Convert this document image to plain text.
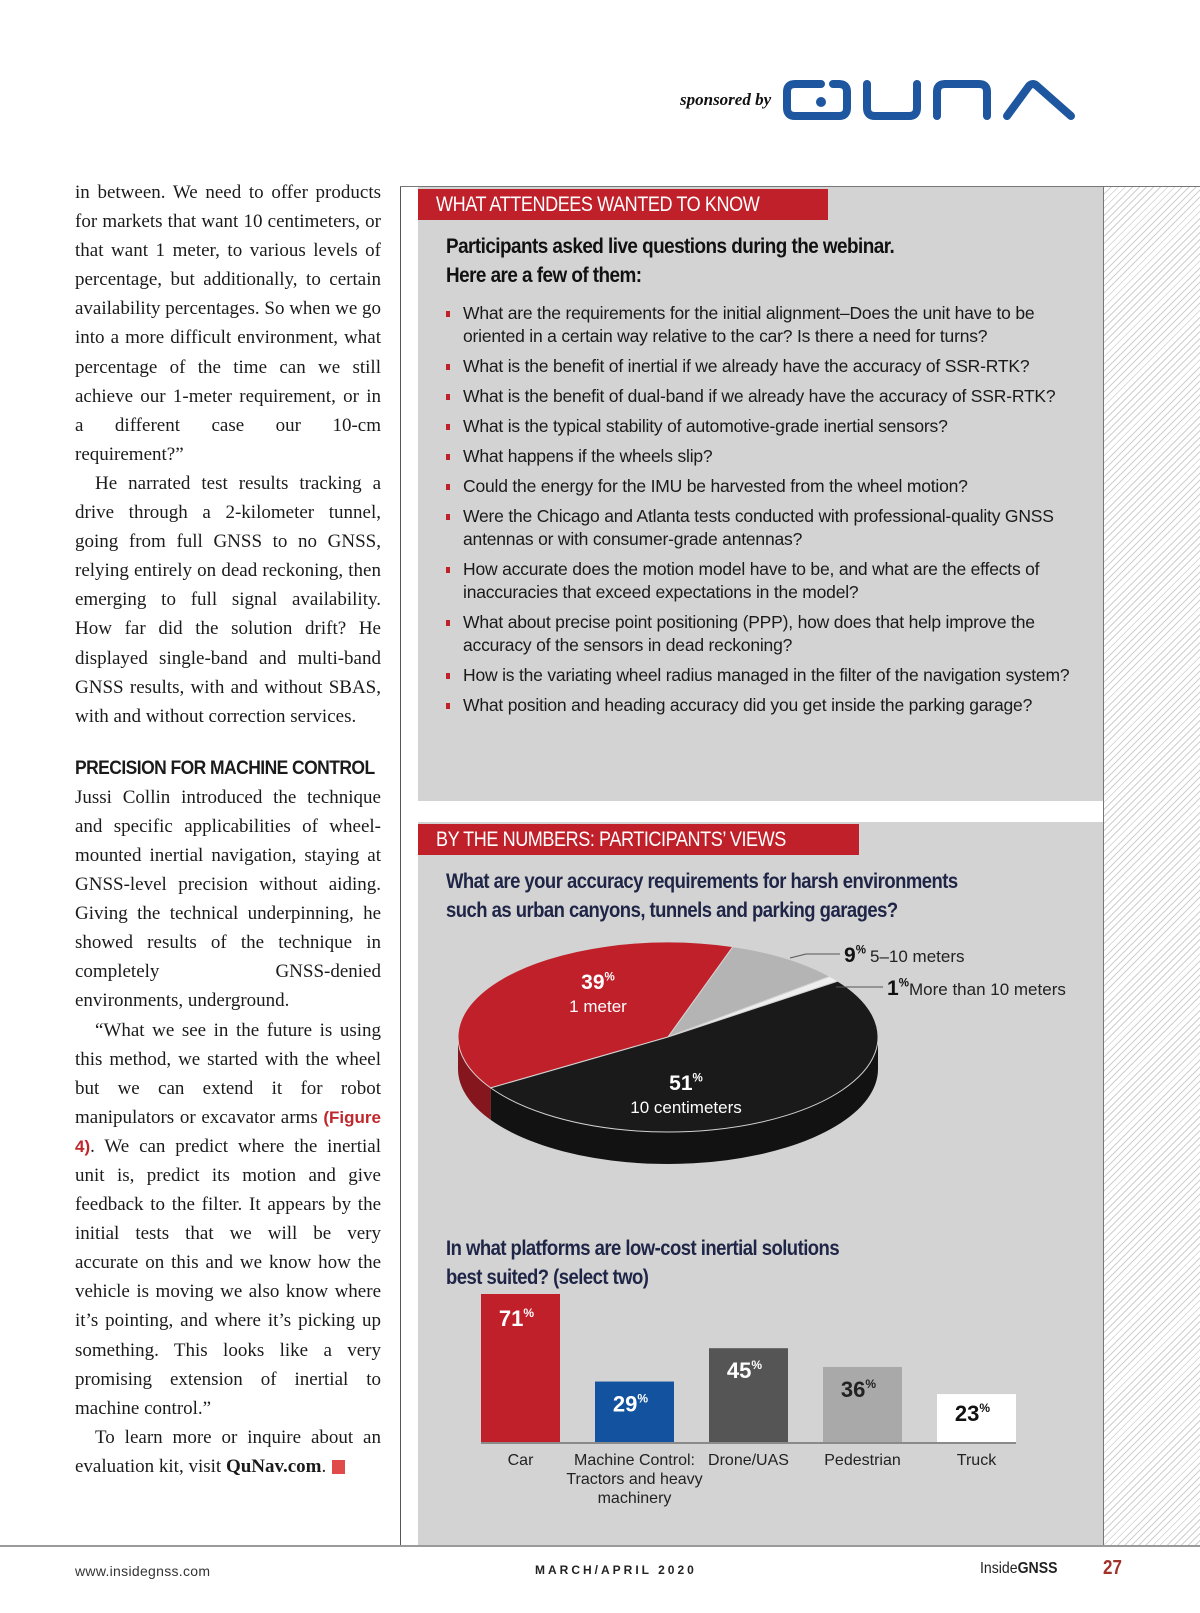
sponsored by

in between. We need to offer products for markets that want 10 centimeters, or that want 1 meter, to various levels of percentage, but additionally, to certain availability percentages. So when we go into a more difficult environment, what percentage of the time can we still achieve our 1-meter requirement, or in a different case our 10-cm requirement?”

He narrated test results tracking a drive through a 2-kilometer tunnel, going from full GNSS to no GNSS, relying entirely on dead reckoning, then emerging to full signal availability. How far did the solution drift? He displayed single-band and multi-band GNSS results, with and without SBAS, with and without correction services.

PRECISION FOR MACHINE CONTROL

Jussi Collin introduced the technique and specific applicabilities of wheel-mounted inertial navigation, staying at GNSS-level precision without aiding. Giving the technical underpinning, he showed results of the technique in completely GNSS-denied environments, underground.

“What we see in the future is using this method, we started with the wheel but we can extend it for robot manipulators or excavator arms (Figure 4). We can predict where the inertial unit is, predict its motion and give feedback to the filter. It appears by the initial tests that we will be very accurate on this and we know how the vehicle is moving we also know where it’s pointing, and where it’s picking up something. This looks like a very promising extension of inertial to machine control.”

To learn more or inquire about an evaluation kit, visit QuNav.com.	IG

WHAT ATTENDEES WANTED TO KNOW
Participants asked live questions during the webinar.
Here are a few of them:
What are the requirements for the initial alignment–Does the unit have to be oriented in a certain way relative to the car? Is there a need for turns?
What is the benefit of inertial if we already have the accuracy of SSR-RTK?
What is the benefit of dual-band if we already have the accuracy of SSR-RTK?
What is the typical stability of automotive-grade inertial sensors?
What happens if the wheels slip?
Could the energy for the IMU be harvested from the wheel motion?
Were the Chicago and Atlanta tests conducted with professional-quality GNSS antennas or with consumer-grade antennas?
How accurate does the motion model have to be, and what are the effects of inaccuracies that exceed expectations in the model?
What about precise point positioning (PPP), how does that help improve the accuracy of the sensors in dead reckoning?
How is the variating wheel radius managed in the filter of the navigation system?
What position and heading accuracy did you get inside the parking garage?
BY THE NUMBERS: PARTICIPANTS’ VIEWS
What are your accuracy requirements for harsh environments
such as urban canyons, tunnels and parking garages?
39%
1 meter
51%
10 centimeters
9% 5–10 meters
1% More than 10 meters
In what platforms are low-cost inertial solutions
best suited? (select two)
71%
Car
29%
Machine Control:
Tractors and heavy
machinery
45%
Drone/UAS
36%
Pedestrian
23%
Truck
www.insidegnss.com	MARCH/APRIL 2020	InsideGNSS 27
